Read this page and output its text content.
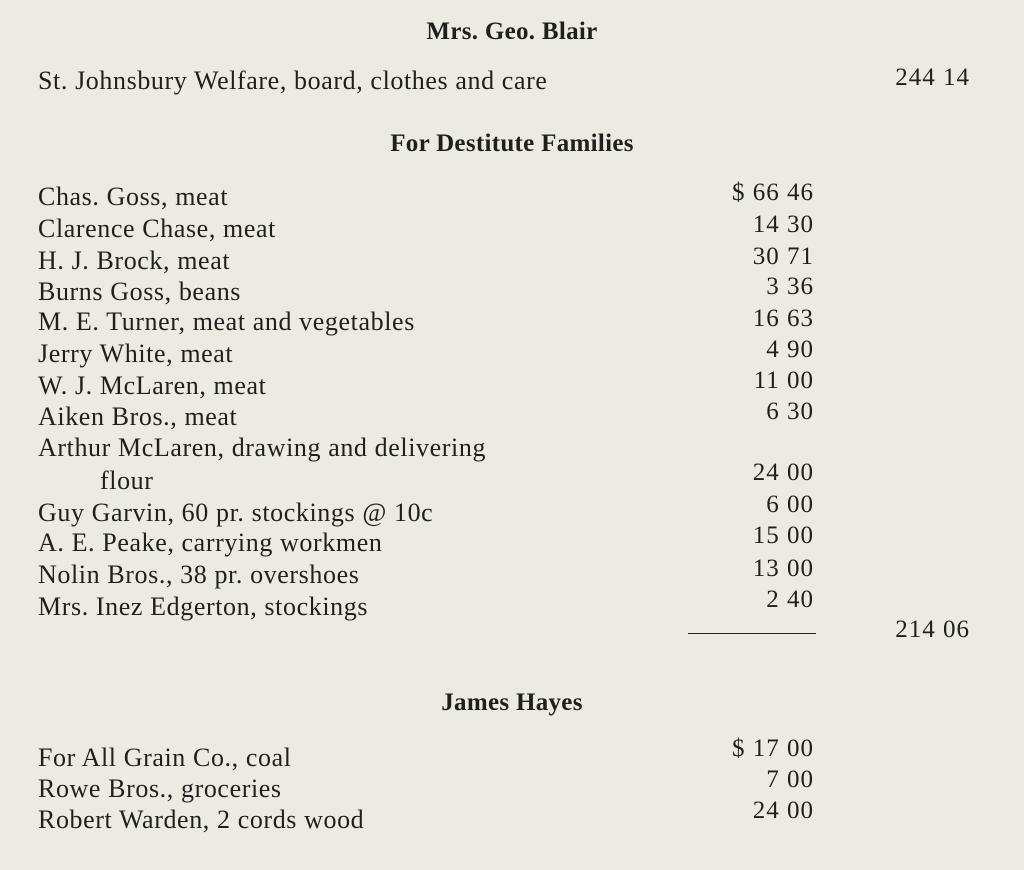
Mrs. Geo. Blair
St. Johnsbury Welfare, board, clothes and care	244 14
For Destitute Families
Chas. Goss, meat	$ 66 46
Clarence Chase, meat	14 30
H. J. Brock, meat	30 71
Burns Goss, beans	3 36
M. E. Turner, meat and vegetables	16 63
Jerry White, meat	4 90
W. J. McLaren, meat	11 00
Aiken Bros., meat	6 30
Arthur McLaren, drawing and delivering
flour	24 00
Guy Garvin, 60 pr. stockings @ 10c	6 00
A. E. Peake, carrying workmen	15 00
Nolin Bros., 38 pr. overshoes	13 00
Mrs. Inez Edgerton, stockings	2 40
214 06
James Hayes
For All Grain Co., coal	$ 17 00
Rowe Bros., groceries	7 00
Robert Warden, 2 cords wood	24 00
